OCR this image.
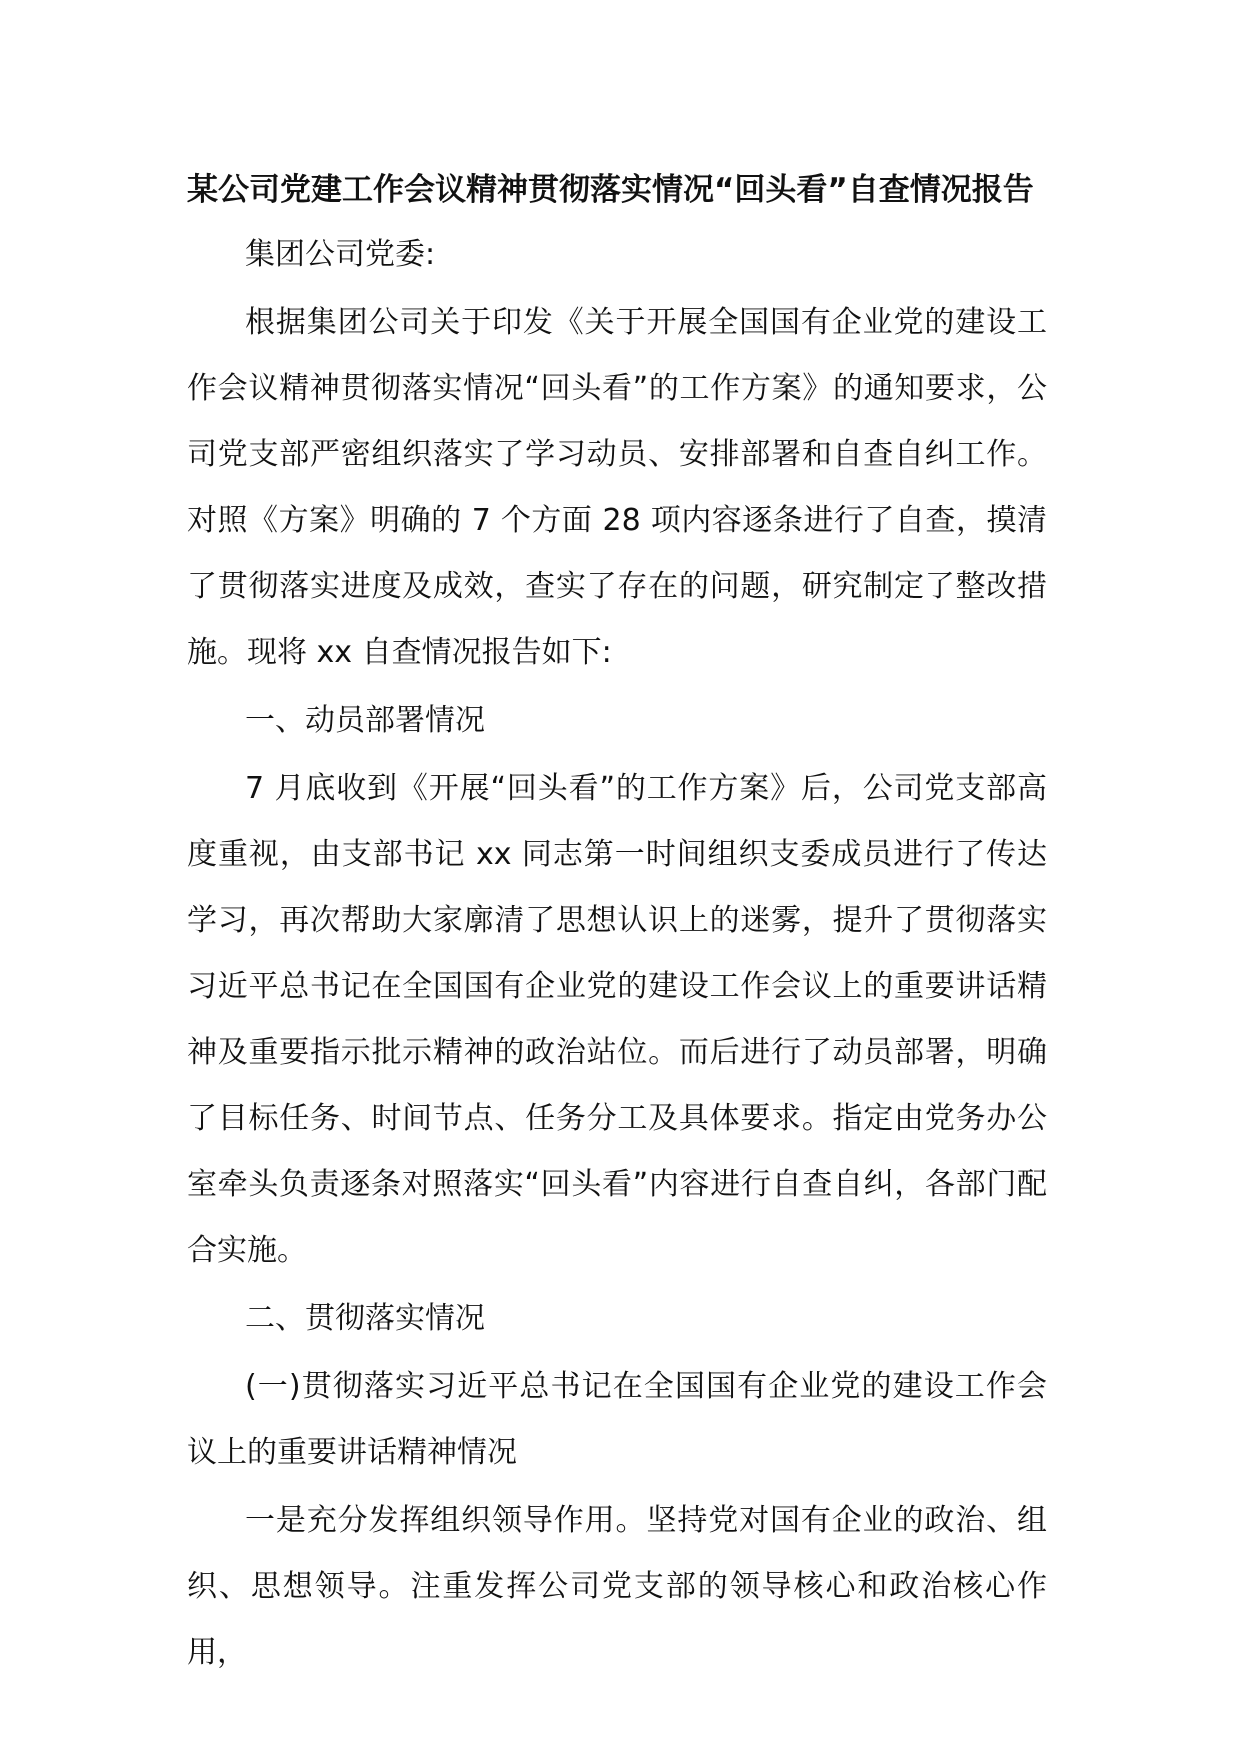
某公司党建工作会议精神贯彻落实情况“回头看”自查情况报告

集团公司党委:

根据集团公司关于印发《关于开展全国国有企业党的建设工作会议精神贯彻落实情况“回头看”的工作方案》的通知要求，公司党支部严密组织落实了学习动员、安排部署和自查自纠工作。对照《方案》明确的 7 个方面 28 项内容逐条进行了自查，摸清了贯彻落实进度及成效，查实了存在的问题，研究制定了整改措施。现将 xx 自查情况报告如下:

一、动员部署情况

7 月底收到《开展“回头看”的工作方案》后，公司党支部高度重视，由支部书记 xx 同志第一时间组织支委成员进行了传达学习，再次帮助大家廓清了思想认识上的迷雾，提升了贯彻落实习近平总书记在全国国有企业党的建设工作会议上的重要讲话精神及重要指示批示精神的政治站位。而后进行了动员部署，明确了目标任务、时间节点、任务分工及具体要求。指定由党务办公室牵头负责逐条对照落实“回头看”内容进行自查自纠，各部门配合实施。

二、贯彻落实情况

(一)贯彻落实习近平总书记在全国国有企业党的建设工作会议上的重要讲话精神情况

一是充分发挥组织领导作用。坚持党对国有企业的政治、组织、思想领导。注重发挥公司党支部的领导核心和政治核心作用，
